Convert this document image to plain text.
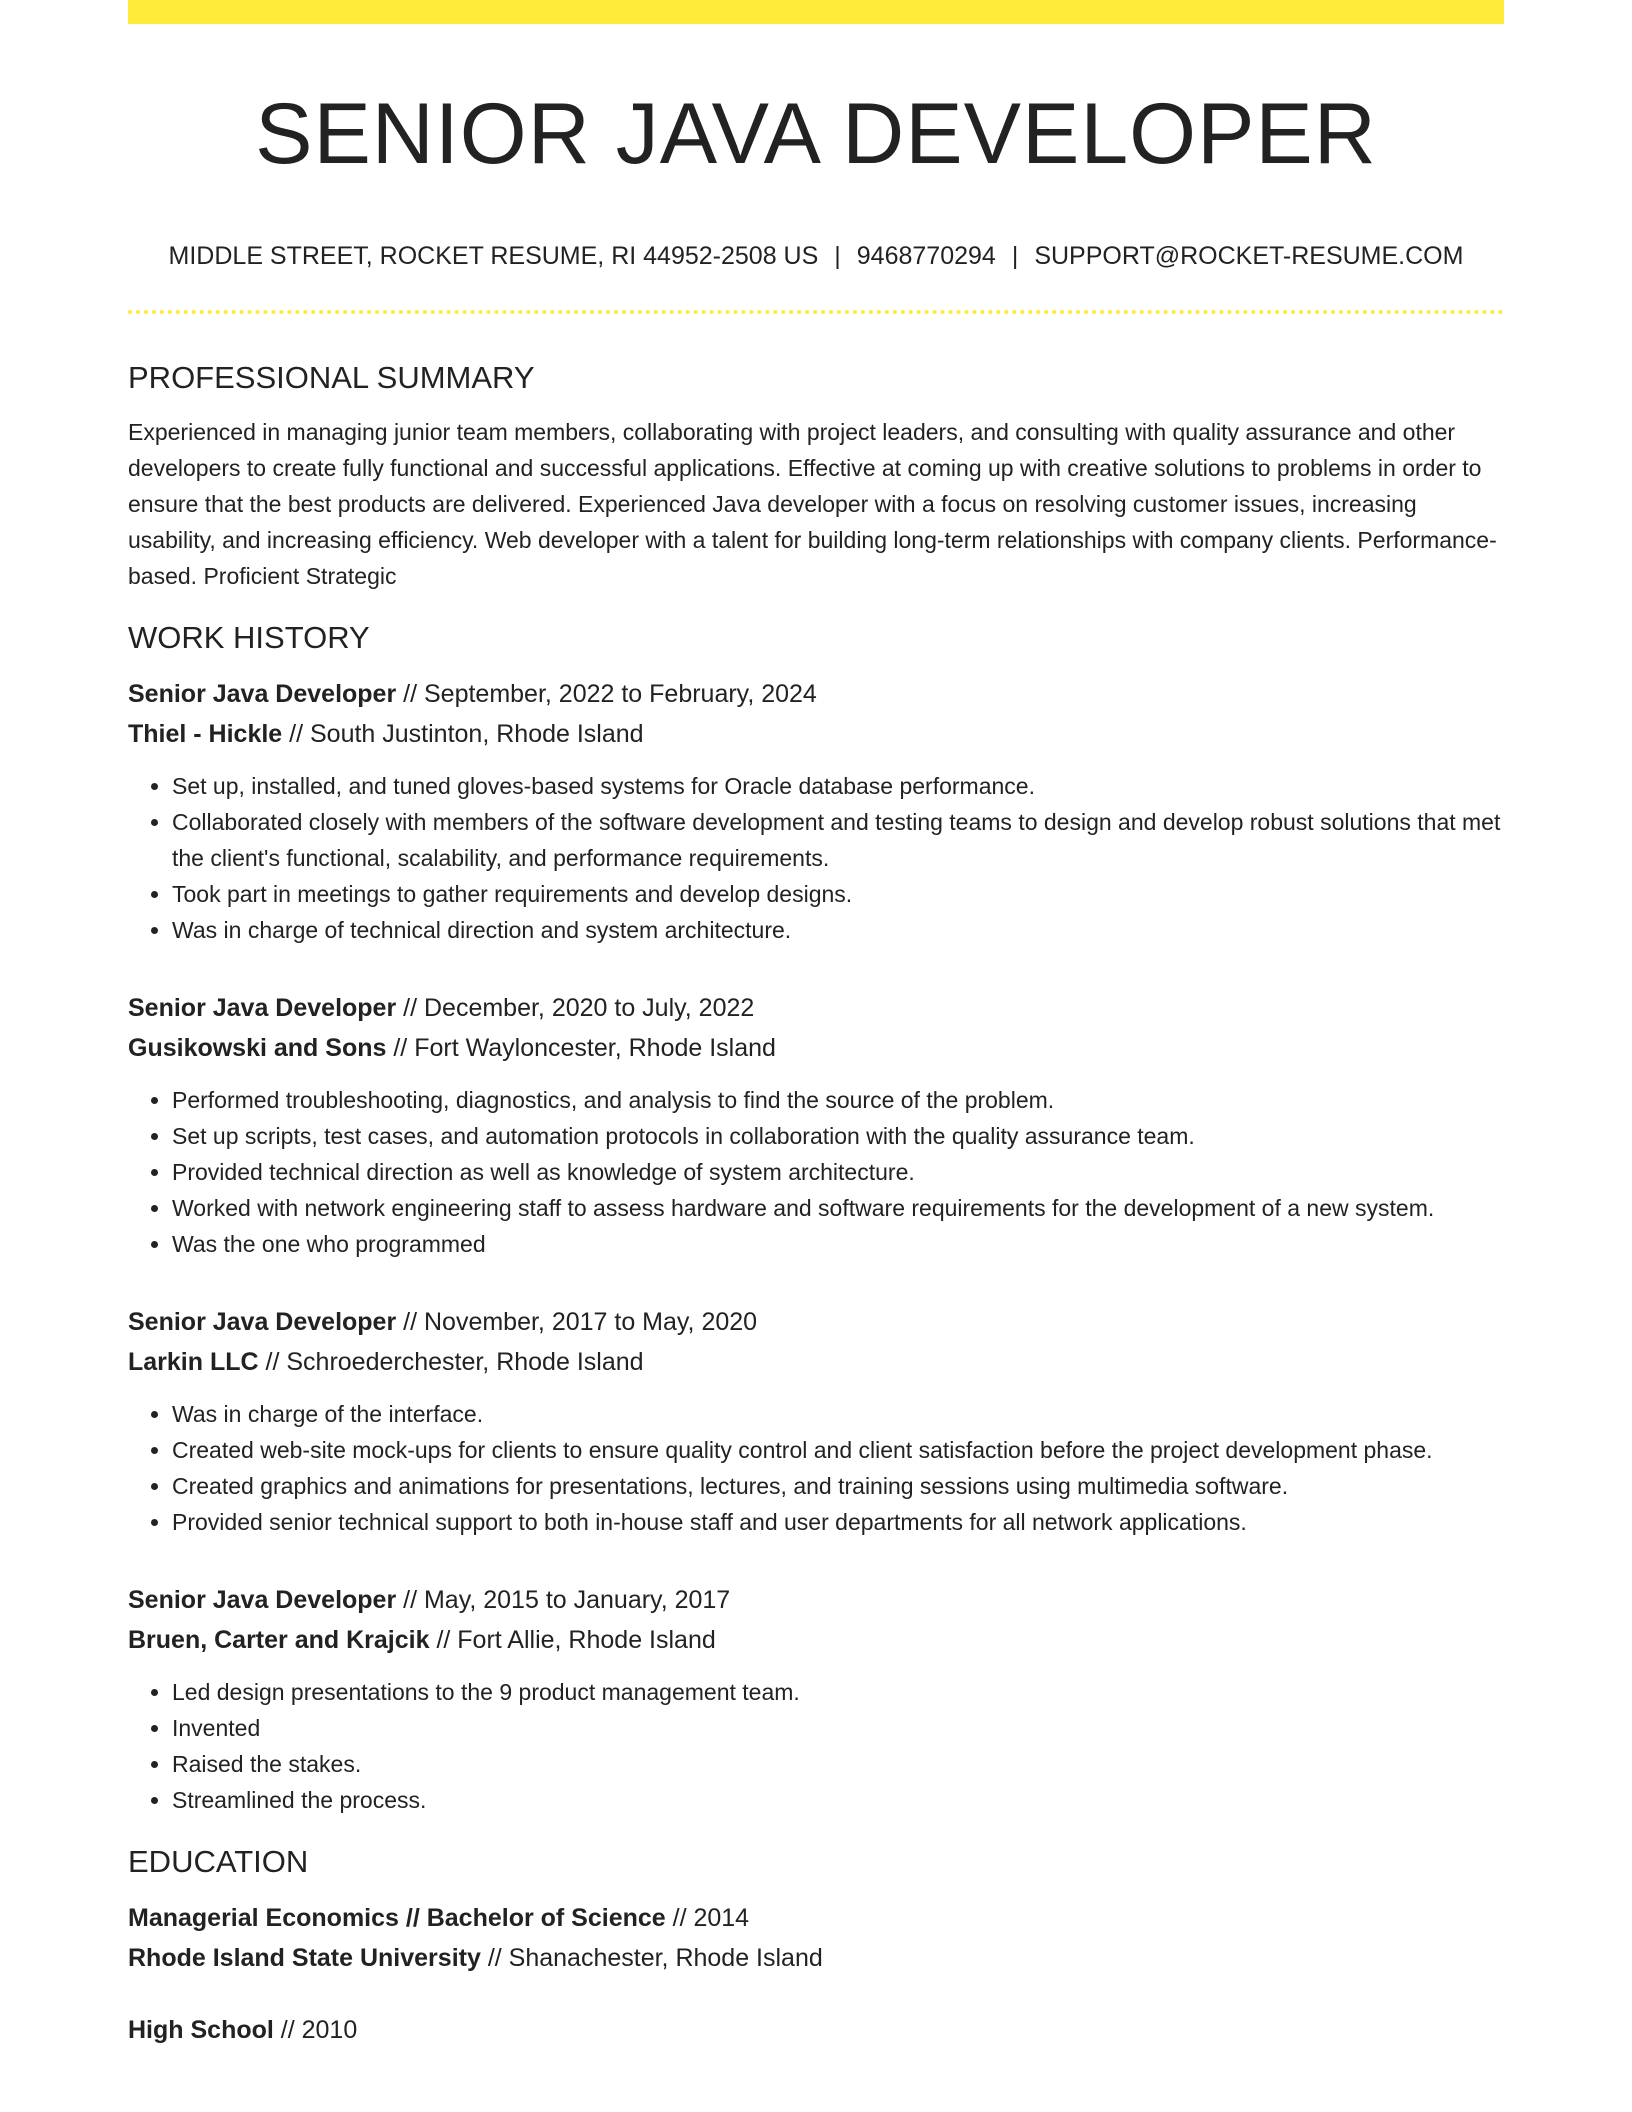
SENIOR JAVA DEVELOPER
MIDDLE STREET, ROCKET RESUME, RI 44952-2508 US | 9468770294 | SUPPORT@ROCKET-RESUME.COM
PROFESSIONAL SUMMARY
Experienced in managing junior team members, collaborating with project leaders, and consulting with quality assurance and other developers to create fully functional and successful applications. Effective at coming up with creative solutions to problems in order to ensure that the best products are delivered. Experienced Java developer with a focus on resolving customer issues, increasing usability, and increasing efficiency. Web developer with a talent for building long-term relationships with company clients. Performance-based. Proficient Strategic
WORK HISTORY
Senior Java Developer // September, 2022 to February, 2024
Thiel - Hickle // South Justinton, Rhode Island
• Set up, installed, and tuned gloves-based systems for Oracle database performance.
• Collaborated closely with members of the software development and testing teams to design and develop robust solutions that met the client's functional, scalability, and performance requirements.
• Took part in meetings to gather requirements and develop designs.
• Was in charge of technical direction and system architecture.
Senior Java Developer // December, 2020 to July, 2022
Gusikowski and Sons // Fort Wayloncester, Rhode Island
• Performed troubleshooting, diagnostics, and analysis to find the source of the problem.
• Set up scripts, test cases, and automation protocols in collaboration with the quality assurance team.
• Provided technical direction as well as knowledge of system architecture.
• Worked with network engineering staff to assess hardware and software requirements for the development of a new system.
• Was the one who programmed
Senior Java Developer // November, 2017 to May, 2020
Larkin LLC // Schroederchester, Rhode Island
• Was in charge of the interface.
• Created web-site mock-ups for clients to ensure quality control and client satisfaction before the project development phase.
• Created graphics and animations for presentations, lectures, and training sessions using multimedia software.
• Provided senior technical support to both in-house staff and user departments for all network applications.
Senior Java Developer // May, 2015 to January, 2017
Bruen, Carter and Krajcik // Fort Allie, Rhode Island
• Led design presentations to the 9 product management team.
• Invented
• Raised the stakes.
• Streamlined the process.
EDUCATION
Managerial Economics // Bachelor of Science // 2014
Rhode Island State University // Shanachester, Rhode Island
High School // 2010
